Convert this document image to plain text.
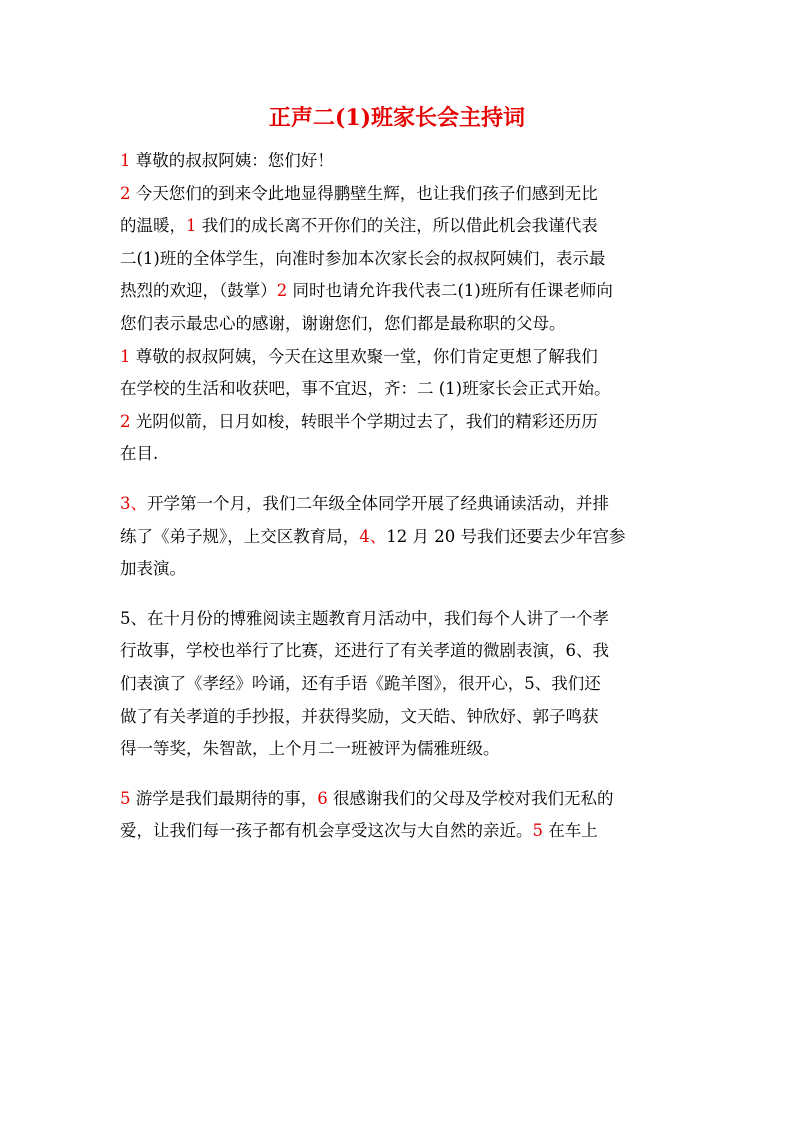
正声二(1)班家长会主持词

1 尊敬的叔叔阿姨：您们好！

2 今天您们的到来令此地显得鹏壁生辉，也让我们孩子们感到无比

的温暖，1 我们的成长离不开你们的关注，所以借此机会我谨代表

二(1)班的全体学生，向准时参加本次家长会的叔叔阿姨们，表示最

热烈的欢迎，（鼓掌）2 同时也请允许我代表二(1)班所有任课老师向

您们表示最忠心的感谢，谢谢您们，您们都是最称职的父母。

1 尊敬的叔叔阿姨，今天在这里欢聚一堂，你们肯定更想了解我们

在学校的生活和收获吧，事不宜迟，齐：二 (1)班家长会正式开始。

2 光阴似箭，日月如梭，转眼半个学期过去了，我们的精彩还历历

在目.

3、开学第一个月，我们二年级全体同学开展了经典诵读活动，并排

练了《弟子规》，上交区教育局，4、12 月 20 号我们还要去少年宫参

加表演。

5、在十月份的博雅阅读主题教育月活动中，我们每个人讲了一个孝

行故事，学校也举行了比赛，还进行了有关孝道的微剧表演，6、我

们表演了《孝经》吟诵，还有手语《跪羊图》，很开心，5、我们还

做了有关孝道的手抄报，并获得奖励，文天皓、钟欣妤、郭子鸣获

得一等奖，朱智歆，上个月二一班被评为儒雅班级。

5 游学是我们最期待的事，6 很感谢我们的父母及学校对我们无私的

爱，让我们每一孩子都有机会享受这次与大自然的亲近。5 在车上
